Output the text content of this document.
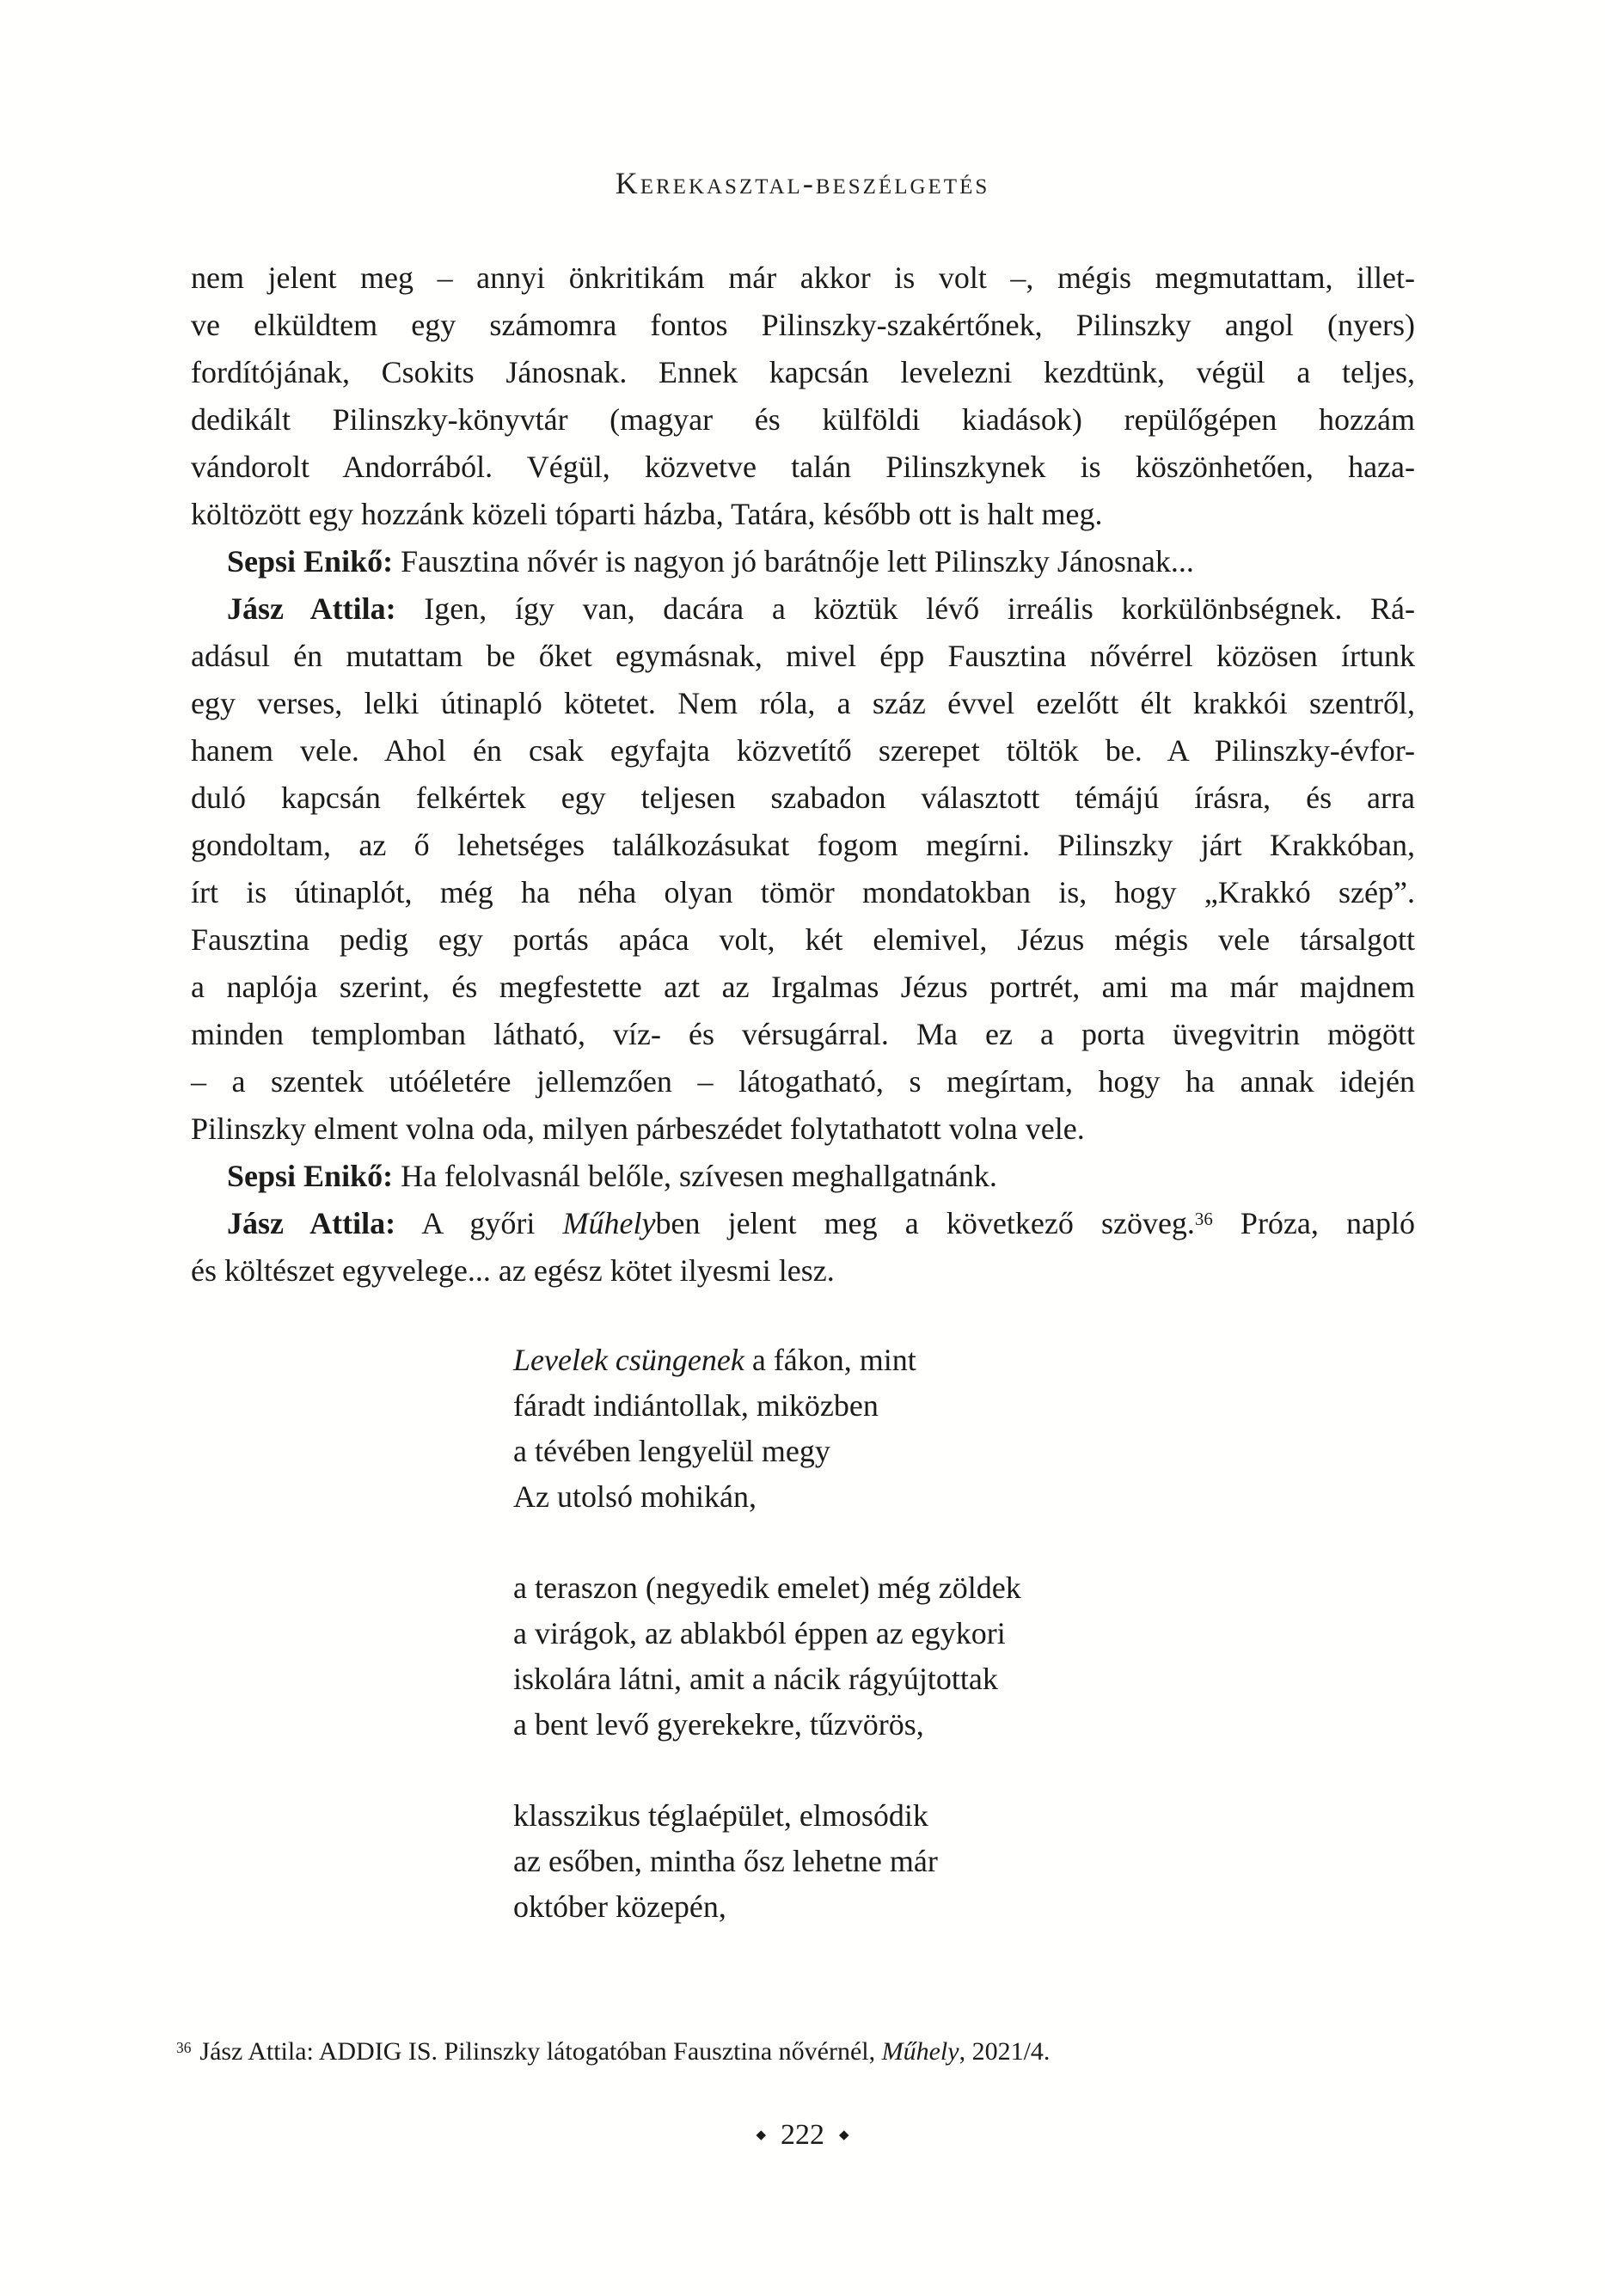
Kerekasztal-beszélgetés
nem jelent meg – annyi önkritikám már akkor is volt –, mégis megmutattam, illet-
ve elküldtem egy számomra fontos Pilinszky-szakértőnek, Pilinszky angol (nyers)
fordítójának, Csokits Jánosnak. Ennek kapcsán levelezni kezdtünk, végül a teljes,
dedikált Pilinszky-könyvtár (magyar és külföldi kiadások) repülőgépen hozzám
vándorolt Andorrából. Végül, közvetve talán Pilinszkynek is köszönhetően, haza-
költözött egy hozzánk közeli tóparti házba, Tatára, később ott is halt meg.
Sepsi Enikő: Fausztina nővér is nagyon jó barátnője lett Pilinszky Jánosnak...
Jász Attila: Igen, így van, dacára a köztük lévő irreális korkülönbségnek. Rá-
adásul én mutattam be őket egymásnak, mivel épp Fausztina nővérrel közösen írtunk
egy verses, lelki útinapló kötetet. Nem róla, a száz évvel ezelőtt élt krakkói szentről,
hanem vele. Ahol én csak egyfajta közvetítő szerepet töltök be. A Pilinszky-évfor-
duló kapcsán felkértek egy teljesen szabadon választott témájú írásra, és arra
gondoltam, az ő lehetséges találkozásukat fogom megírni. Pilinszky járt Krakkóban,
írt is útinaplót, még ha néha olyan tömör mondatokban is, hogy „Krakkó szép”.
Fausztina pedig egy portás apáca volt, két elemivel, Jézus mégis vele társalgott
a naplója szerint, és megfestette azt az Irgalmas Jézus portrét, ami ma már majdnem
minden templomban látható, víz- és vérsugárral. Ma ez a porta üvegvitrin mögött
– a szentek utóéletére jellemzően – látogatható, s megírtam, hogy ha annak idején
Pilinszky elment volna oda, milyen párbeszédet folytathatott volna vele.
Sepsi Enikő: Ha felolvasnál belőle, szívesen meghallgatnánk.
Jász Attila: A győri Műhelyben jelent meg a következő szöveg.$^{36}$ Próza, napló
és költészet egyvelege... az egész kötet ilyesmi lesz.
Levelek csüngenek a fákon, mint
fáradt indiántollak, miközben
a tévében lengyelül megy
Az utolsó mohikán,
a teraszon (negyedik emelet) még zöldek
a virágok, az ablakból éppen az egykori
iskolára látni, amit a nácik rágyújtottak
a bent levő gyerekekre, tűzvörös,
klasszikus téglaépület, elmosódik
az esőben, mintha ősz lehetne már
október közepén,
$^{36}$ Jász Attila: ADDIG IS. Pilinszky látogatóban Fausztina nővérnél, Műhely, 2021/4.
◆ 222 ◆
